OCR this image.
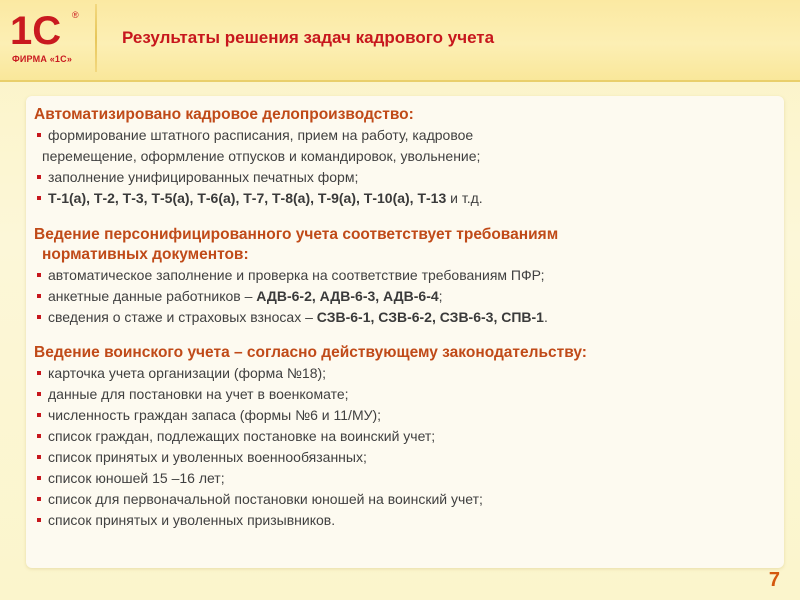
1С ®
ФИРМА «1С»
Результаты решения задач кадрового учета
Автоматизировано кадровое делопроизводство:
формирование штатного расписания, прием на работу, кадровое
перемещение, оформление отпусков и командировок, увольнение;
заполнение унифицированных печатных форм;
Т-1(а), Т-2, Т-3, Т-5(а), Т-6(а), Т-7, Т-8(а), Т-9(а), Т-10(а), Т-13 и т.д.
Ведение персонифицированного учета соответствует требованиям
нормативных документов:
автоматическое заполнение и проверка на соответствие требованиям ПФР;
анкетные данные работников – АДВ-6-2, АДВ-6-3, АДВ-6-4;
сведения о стаже и страховых взносах – СЗВ-6-1, СЗВ-6-2, СЗВ-6-3, СПВ-1.
Ведение воинского учета – согласно действующему законодательству:
карточка учета организации (форма №18);
данные для постановки на учет в военкомате;
численность граждан запаса (формы №6 и 11/МУ);
список граждан, подлежащих постановке на воинский учет;
список принятых и уволенных военнообязанных;
список юношей 15 –16 лет;
список для первоначальной постановки юношей на воинский учет;
список принятых и уволенных призывников.
7
